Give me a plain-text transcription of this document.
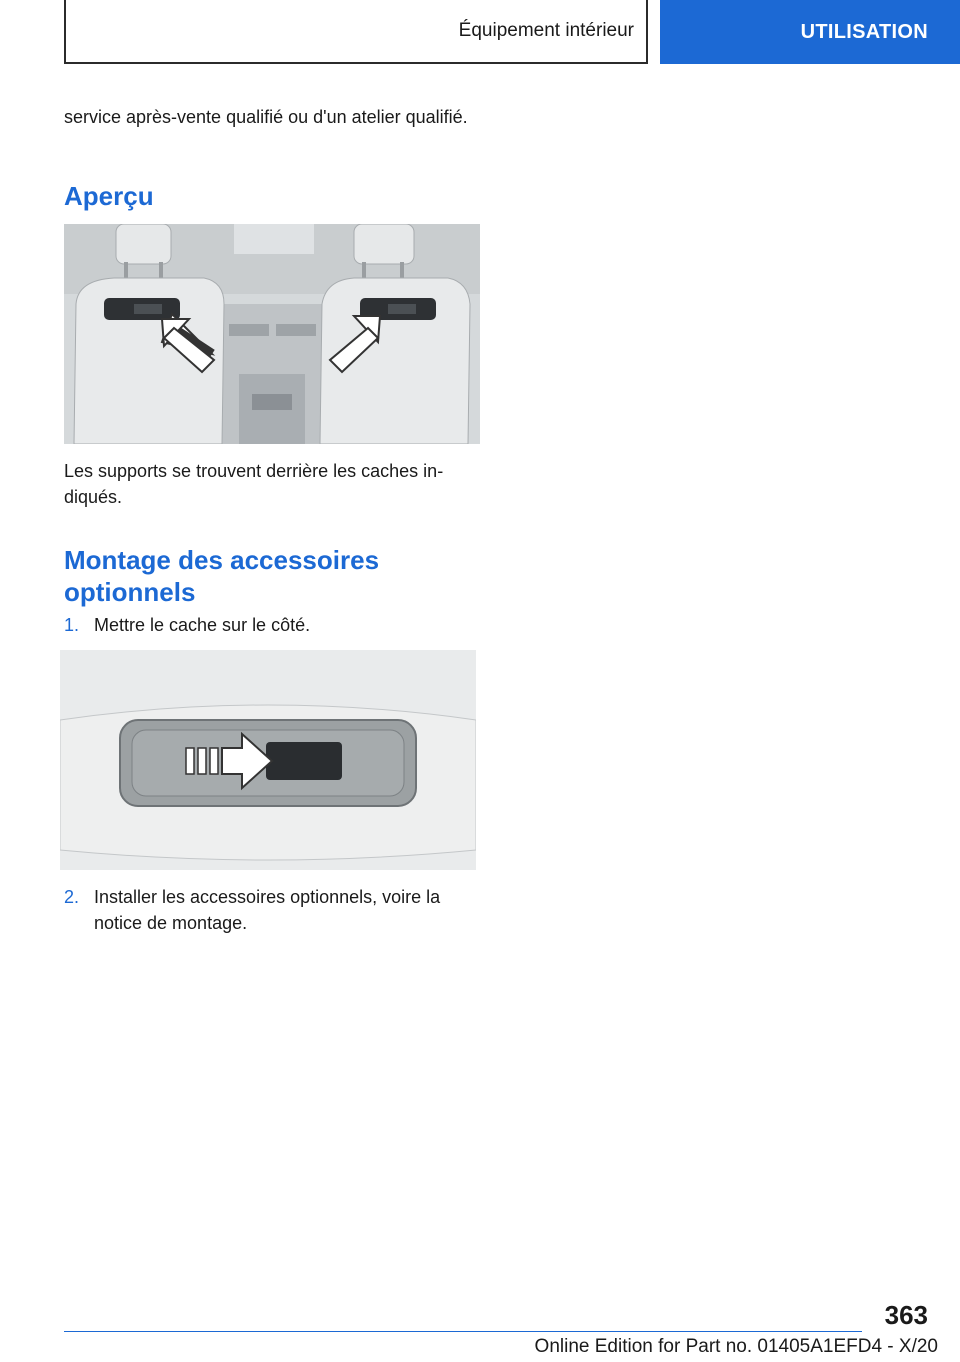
Équipement intérieur	UTILISATION
service après-vente qualifié ou d'un atelier qualifié.
Aperçu
Les supports se trouvent derrière les caches indiqués.
Montage des accessoires optionnels
1. Mettre le cache sur le côté.
2. Installer les accessoires optionnels, voire la notice de montage.
363
Online Edition for Part no. 01405A1EFD4 - X/20
